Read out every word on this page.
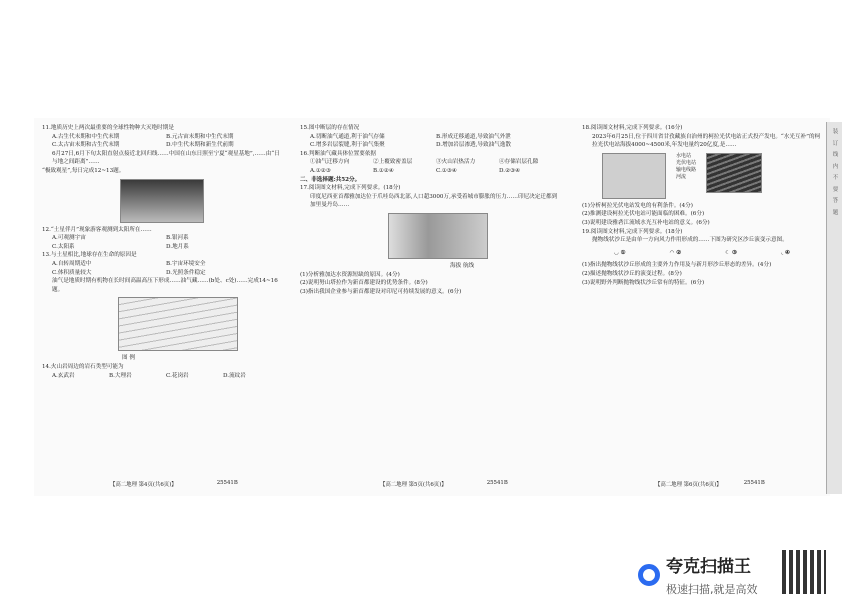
11.地质历史上两次最重要的全球性物种大灭绝时期是

A.古生代末期和中生代末期	B.元古宙末期和中生代末期
C.太古宙末期和古生代末期	D.中生代末期和新生代前期

6月27日,6月下旬太阳直射点接近北回归线……中国在山东日照至宁夏“观星基地”,……由“日与地之间距离”……

“极致观星”,每日完成12~13题。

12.“土星伴月”现象游客观测到太阳所在……

A.可观测宇宙	B.银河系
C.太阳系	D.地月系

13.与土星相比,地球存在生命的原因是

A.自转周期适中	B.宇宙环境安全
C.体积质量较大	D.光照条件稳定

油气是地质时期有机物在长时间高温高压下形成……油气藏……(b处、c处)……完成14~16题。

图 例

14.火山岩周边的岩石类型可能为

A.玄武岩	B.大理岩	C.花岗岩	D.流纹岩

15.图中断层的存在情况

A.切断油气通道,利于油气存储	B.形成迁移通道,导致油气外泄
C.增多岩层裂缝,利于油气集聚	D.增加岩层渗透,导致油气逸散

16.判断油气藏具体位置要依据

①油气迁移方向	②上覆致密盖层	③火山岩热活力	④存储岩层孔隙
A.①②③	B.①②④	C.①③④	D.②③④

二、非选择题:共52分。

17.阅读图文材料,完成下列要求。(18分)

印度尼西亚首都雅加达位于爪哇岛西北部,人口超3000万,承受着城市膨胀的压力……印尼决定迁都到加里曼丹岛……

海拔 航线

(1)分析雅加达水资源短缺的原因。(4分)

(2)说明努山塔拉作为新首都建设的优势条件。(8分)

(3)指出我国企业参与新首都建设对印尼可持续发展的意义。(6分)

18.阅读图文材料,完成下列要求。(16分)

2023年6月25日,位于四川省甘孜藏族自治州的柯拉光伏电站正式投产发电。“水光互补”的柯拉光伏电站海拔4000~4500米,年发电量约20亿度,是……

水电站

光伏电站

输电线路

河流

(1)分析柯拉光伏电站发电的有利条件。(4分)

(2)推测建设柯拉光伏电站可能面临的困难。(6分)

(3)说明建设雅砻江流域水光互补电站的意义。(6分)

19.阅读图文材料,完成下列要求。(18分)

抛物线状沙丘是由单一方向风力作用形成的……下图为研究区沙丘演变示意图。

◡ ①	◠ ②	☾ ③	◟ ④

(1)指出抛物线状沙丘形成的主要外力作用及与新月形沙丘形态的差异。(4分)

(2)描述抛物线状沙丘的演变过程。(8分)

(3)说明野外判断抛物线状沙丘常有的特征。(6分)

【高二地理 第4页(共6页)】	25541B	【高二地理 第5页(共6页)】	25541B	【高二地理 第6页(共6页)】	25541B
装
订
线
内
不
要
答
题
夸克扫描王
极速扫描,就是高效
